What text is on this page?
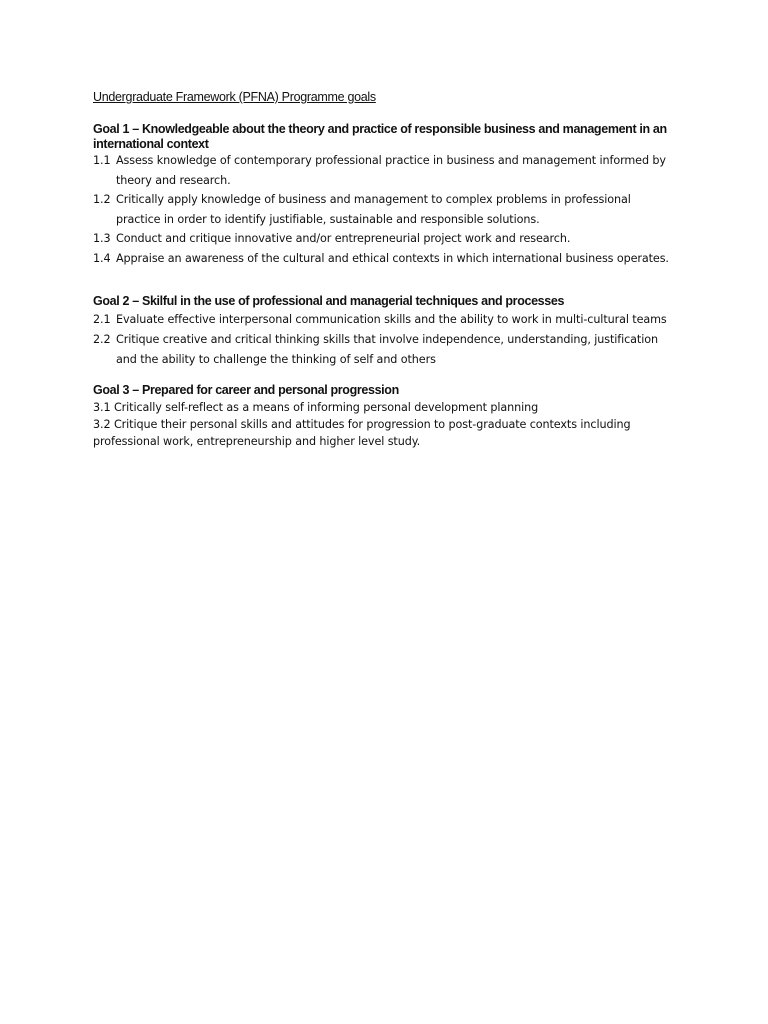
Undergraduate Framework (PFNA) Programme goals
Goal 1 – Knowledgeable about the theory and practice of responsible business and management in an international context
1.1 Assess knowledge of contemporary professional practice in business and management informed by theory and research.
1.2 Critically apply knowledge of business and management to complex problems in professional practice in order to identify justifiable, sustainable and responsible solutions.
1.3 Conduct and critique innovative and/or entrepreneurial project work and research.
1.4 Appraise an awareness of the cultural and ethical contexts in which international business operates.
Goal 2 – Skilful in the use of professional and managerial techniques and processes
2.1 Evaluate effective interpersonal communication skills and the ability to work in multi-cultural teams
2.2 Critique creative and critical thinking skills that involve independence, understanding, justification and the ability to challenge the thinking of self and others
Goal 3 – Prepared for career and personal progression

3.1 Critically self-reflect as a means of informing personal development planning

3.2 Critique their personal skills and attitudes for progression to post-graduate contexts including professional work, entrepreneurship and higher level study.
